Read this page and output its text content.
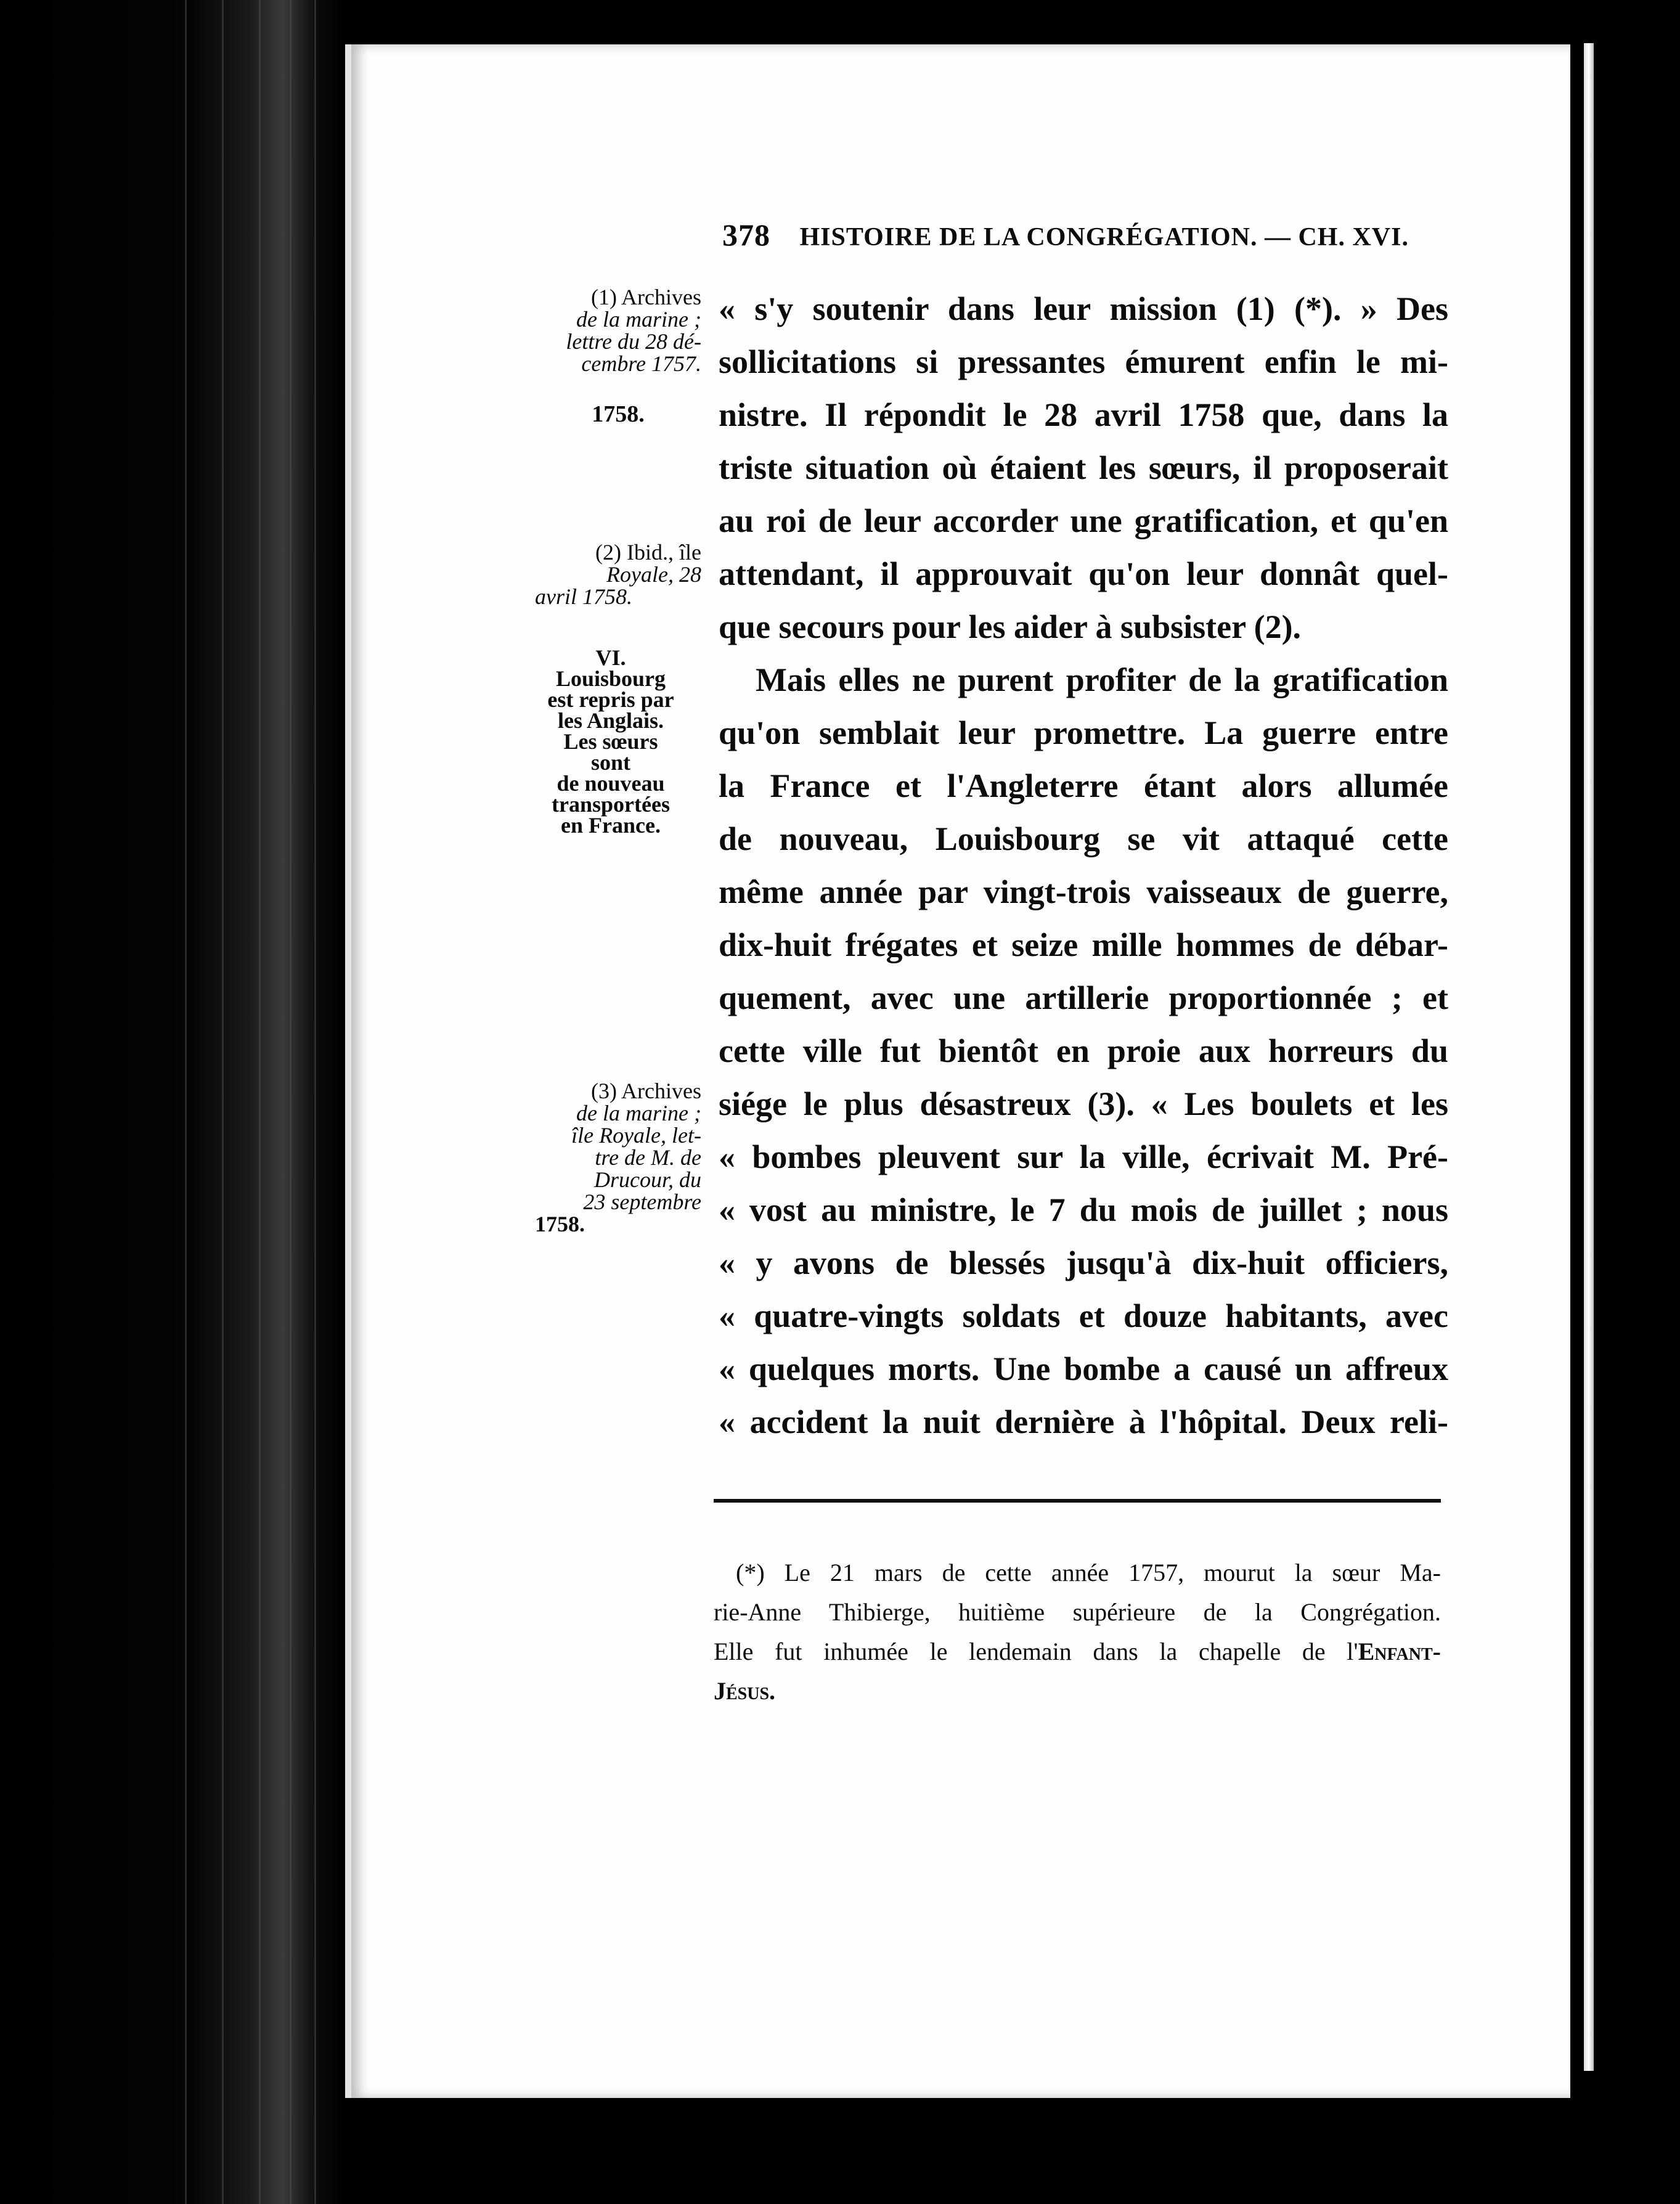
378 HISTOIRE DE LA CONGRÉGATION. — CH. XVI.
(1) Archives
de la marine ;
lettre du 28 dé-
cembre 1757.
1758.
(2) Ibid., île
Royale, 28
avril 1758.
VI.
Louisbourg
est repris par
les Anglais.
Les sœurs
sont
de nouveau
transportées
en France.
(3) Archives
de la marine ;
île Royale, let-
tre de M. de
Drucour, du
23 septembre
1758.
« s'y soutenir dans leur mission (1) (*). » Des
sollicitations si pressantes émurent enfin le mi-
nistre. Il répondit le 28 avril 1758 que, dans la
triste situation où étaient les sœurs, il proposerait
au roi de leur accorder une gratification, et qu'en
attendant, il approuvait qu'on leur donnât quel-
que secours pour les aider à subsister (2).
Mais elles ne purent profiter de la gratification
qu'on semblait leur promettre. La guerre entre
la France et l'Angleterre étant alors allumée
de nouveau, Louisbourg se vit attaqué cette
même année par vingt-trois vaisseaux de guerre,
dix-huit frégates et seize mille hommes de débar-
quement, avec une artillerie proportionnée ; et
cette ville fut bientôt en proie aux horreurs du
siége le plus désastreux (3). « Les boulets et les
« bombes pleuvent sur la ville, écrivait M. Pré-
« vost au ministre, le 7 du mois de juillet ; nous
« y avons de blessés jusqu'à dix-huit officiers,
« quatre-vingts soldats et douze habitants, avec
« quelques morts. Une bombe a causé un affreux
« accident la nuit dernière à l'hôpital. Deux reli-
(*) Le 21 mars de cette année 1757, mourut la sœur Ma-
rie-Anne Thibierge, huitième supérieure de la Congrégation.
Elle fut inhumée le lendemain dans la chapelle de l'Enfant-
Jésus.
